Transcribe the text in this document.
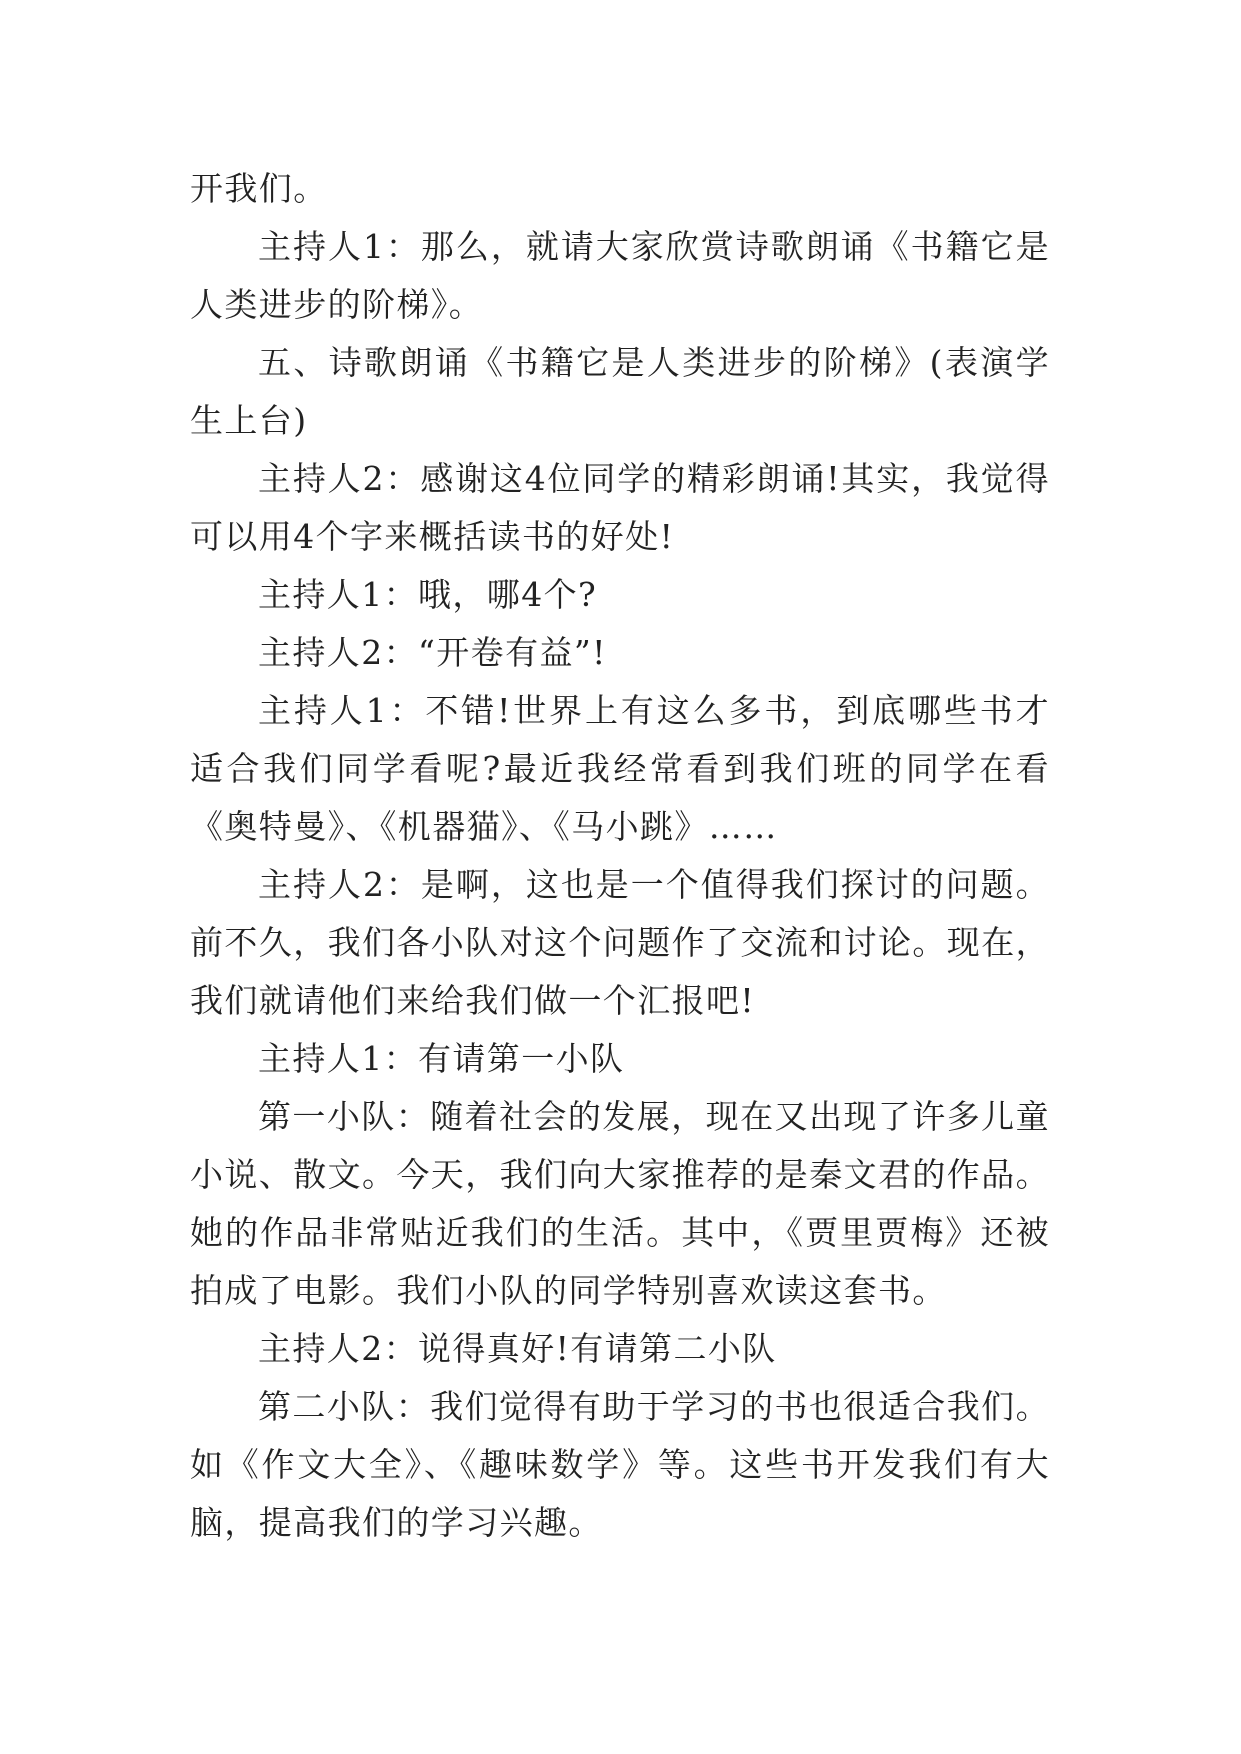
开我们。

主持人1：那么，就请大家欣赏诗歌朗诵《书籍它是人类进步的阶梯》。

五、诗歌朗诵《书籍它是人类进步的阶梯》(表演学生上台)

主持人2：感谢这4位同学的精彩朗诵!其实，我觉得可以用4个字来概括读书的好处!

主持人1：哦，哪4个?

主持人2：“开卷有益”!

主持人1：不错!世界上有这么多书，到底哪些书才适合我们同学看呢?最近我经常看到我们班的同学在看《奥特曼》、《机器猫》、《马小跳》……

主持人2：是啊，这也是一个值得我们探讨的问题。前不久，我们各小队对这个问题作了交流和讨论。现在，我们就请他们来给我们做一个汇报吧!

主持人1：有请第一小队

第一小队：随着社会的发展，现在又出现了许多儿童小说、散文。今天，我们向大家推荐的是秦文君的作品。她的作品非常贴近我们的生活。其中，《贾里贾梅》还被拍成了电影。我们小队的同学特别喜欢读这套书。

主持人2：说得真好!有请第二小队

第二小队：我们觉得有助于学习的书也很适合我们。如《作文大全》、《趣味数学》等。这些书开发我们有大脑，提高我们的学习兴趣。
